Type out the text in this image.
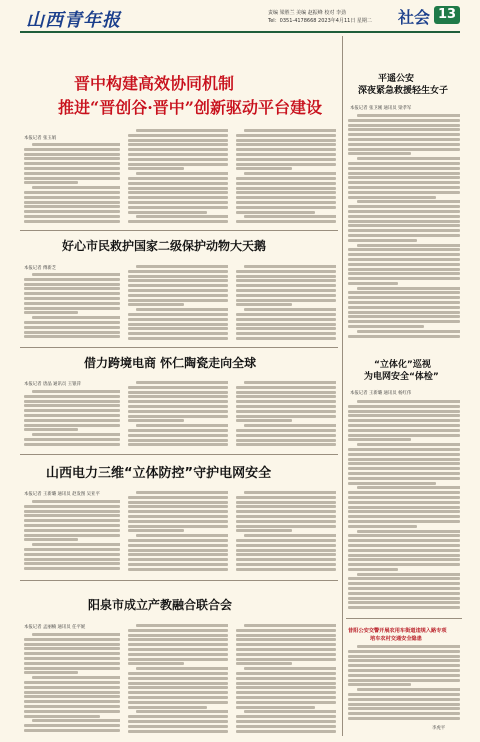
山西青年报	责编 梁胜兰 美编 赵振峰 校对 李劲
Tel：0351-4178668 2023年4月11日 星期二 社会 13
晋中构建高效协同机制
推进“晋创谷·晋中”创新驱动平台建设
本报记者 张玉娟
平遥公安
深夜紧急救援轻生女子
本报记者 张卫刚 通讯员 梁孝军
好心市民救护国家二级保护动物大天鹅
本报记者 傅新芝
“立体化”巡视
为电网安全“体检”
本报记者 王新璐 通讯员 杨红伟
借力跨境电商 怀仁陶瓷走向全球
本报记者 唐晶 通讯员 王银萍
山西电力三维“立体防控”守护电网安全
本报记者 王新璐 通讯员 赵发图 吴亚平
昔阳公安交警开展农用车街道违规入路专项
培车农村交通安全隐患
李虎平
阳泉市成立产教融合联合会
本报记者 孟丽楠 通讯员 任平妮
